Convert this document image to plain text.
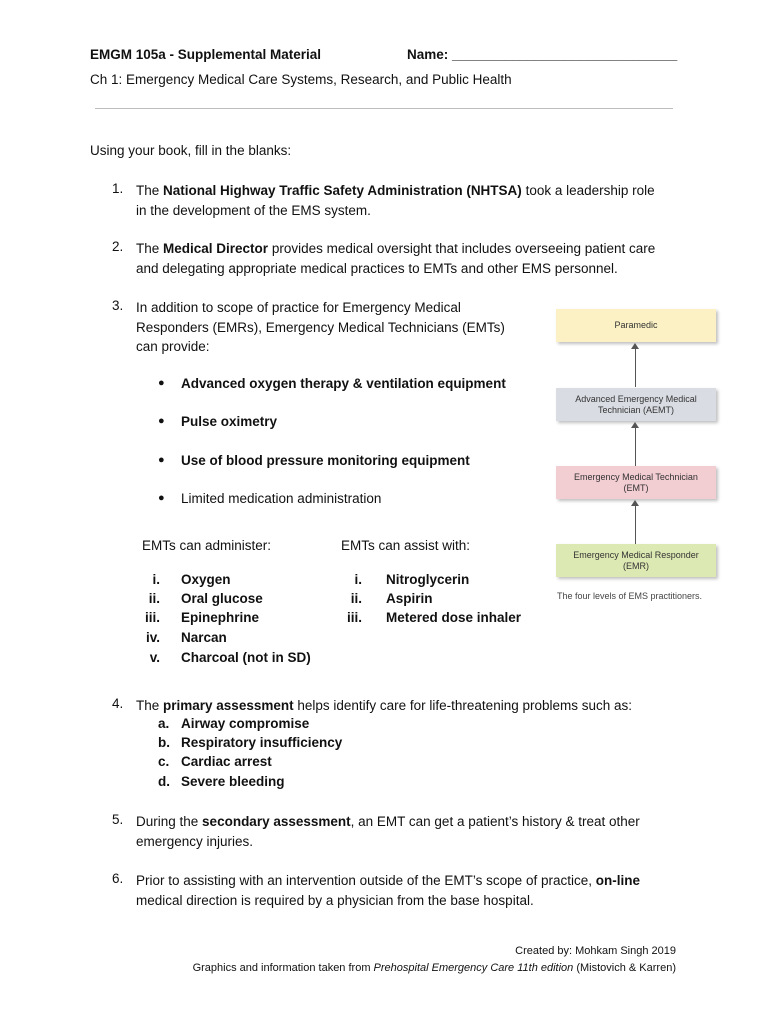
EMGM 105a - Supplemental Material	Name: ______________________________
Ch 1: Emergency Medical Care Systems, Research, and Public Health
Using your book, fill in the blanks:
1. The National Highway Traffic Safety Administration (NHTSA) took a leadership role
in the development of the EMS system.
2. The Medical Director provides medical oversight that includes overseeing patient care
and delegating appropriate medical practices to EMTs and other EMS personnel.
3. In addition to scope of practice for Emergency Medical
Responders (EMRs), Emergency Medical Technicians (EMTs)
can provide:
● Advanced oxygen therapy & ventilation equipment
● Pulse oximetry
● Use of blood pressure monitoring equipment
● Limited medication administration
EMTs can administer:	EMTs can assist with:
i. Oxygen
ii. Oral glucose
iii. Epinephrine
iv. Narcan
v. Charcoal (not in SD)
i. Nitroglycerin
ii. Aspirin
iii. Metered dose inhaler
Paramedic
Advanced Emergency Medical Technician (AEMT)
Emergency Medical Technician (EMT)
Emergency Medical Responder (EMR)
The four levels of EMS practitioners.
4. The primary assessment helps identify care for life-threatening problems such as:
a. Airway compromise
b. Respiratory insufficiency
c. Cardiac arrest
d. Severe bleeding
5. During the secondary assessment, an EMT can get a patient’s history & treat other
emergency injuries.
6. Prior to assisting with an intervention outside of the EMT’s scope of practice, on-line
medical direction is required by a physician from the base hospital.
Created by: Mohkam Singh 2019
Graphics and information taken from Prehospital Emergency Care 11th edition (Mistovich & Karren)
